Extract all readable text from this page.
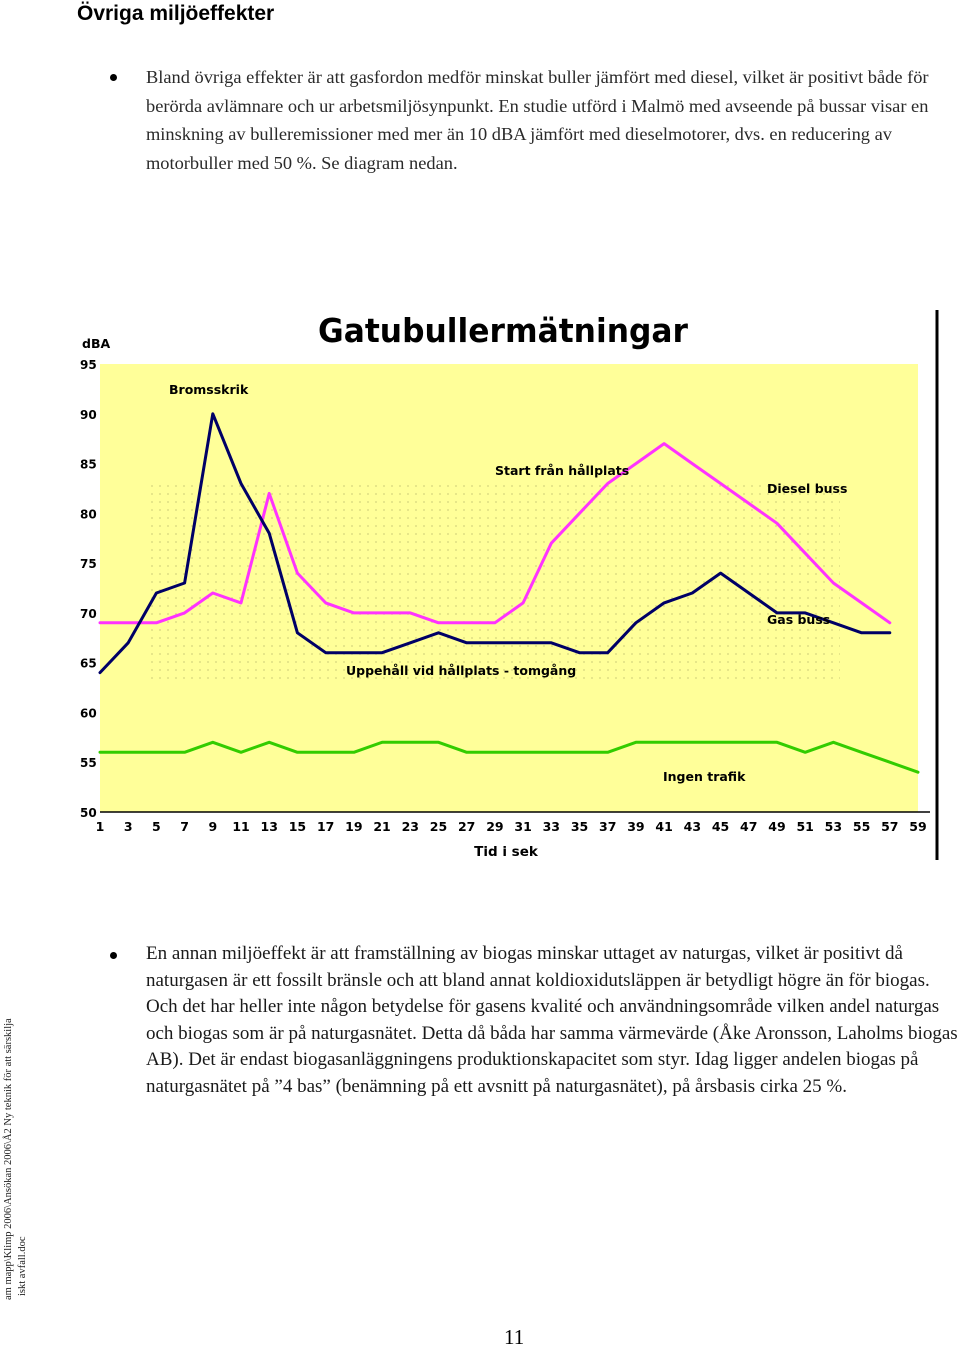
Övriga miljöeffekter

Bland övriga effekter är att gasfordon medför minskat buller jämfört med diesel, vilket är positivt både för berörda avlämnare och ur arbetsmiljösynpunkt. En studie utförd i Malmö med avseende på bussar visar en minskning av bulleremissioner med mer än 10 dBA jämfört med dieselmotorer, dvs. en reducering av motorbuller med 50 %. Se diagram nedan.

Gatubullermätningar
dBA
95
90
85
80
75
70
65
60
55
50
1 3 5 7 9 11 13 15 17 19 21 23 25 27 29 31 33 35 37 39 41 43 45 47 49 51 53 55 57 59
Tid i sek
Diesel buss
Gas buss
Ingen trafik
Bromsskrik
Start från hållplats
Uppehåll vid hållplats - tomgång

En annan miljöeffekt är att framställning av biogas minskar uttaget av naturgas, vilket är positivt då naturgasen är ett fossilt bränsle och att bland annat koldioxidutsläppen är betydligt högre än för biogas. Och det har heller inte någon betydelse för gasens kvalité och användningsområde vilken andel naturgas och biogas som är på naturgasnätet. Detta då båda har samma värmevärde (Åke Aronsson, Laholms biogas AB). Det är endast biogasanläggningens produktionskapacitet som styr. Idag ligger andelen biogas på naturgasnätet på ”4 bas” (benämning på ett avsnitt på naturgasnätet), på årsbasis cirka 25 %.

am mapp\Klimp 2006\Ansökan 2006\Å2 Ny teknik för att särskilja iskt avfall.doc
11
